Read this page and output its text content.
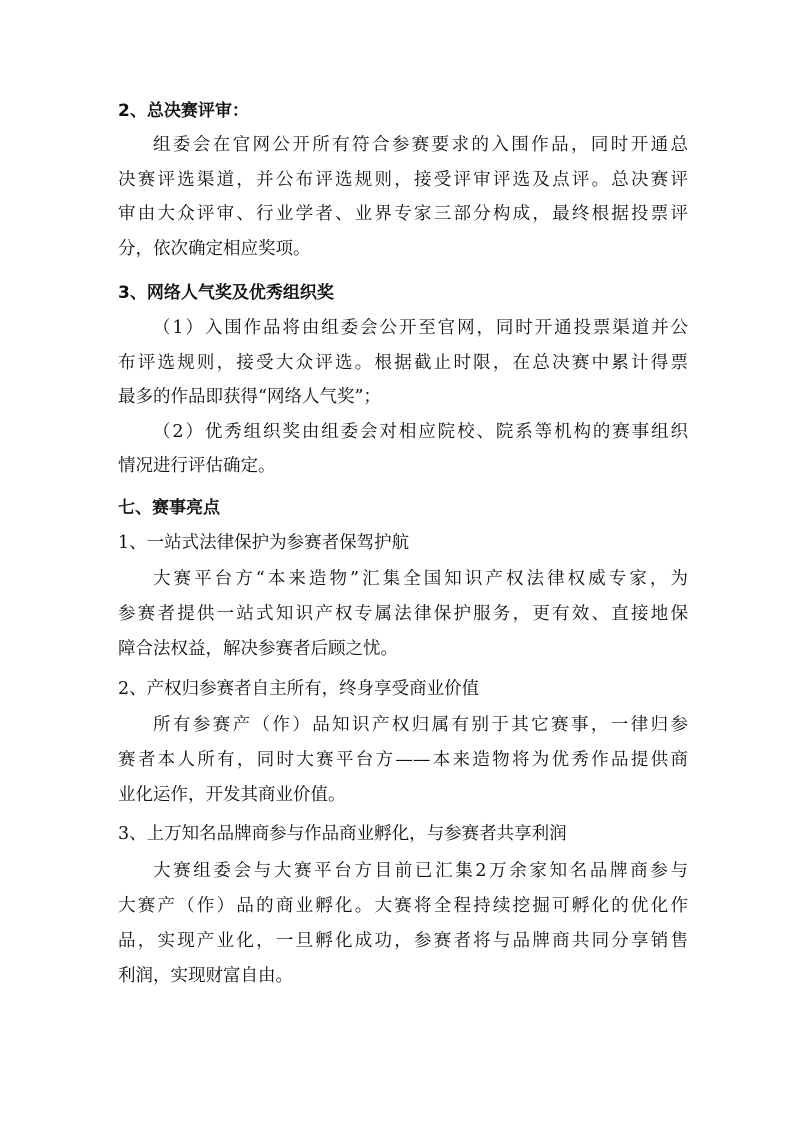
2、总决赛评审：
组委会在官网公开所有符合参赛要求的入围作品，同时开通总
决赛评选渠道，并公布评选规则，接受评审评选及点评。总决赛评
审由大众评审、行业学者、业界专家三部分构成，最终根据投票评
分，依次确定相应奖项。
3、网络人气奖及优秀组织奖
（1）入围作品将由组委会公开至官网，同时开通投票渠道并公
布评选规则，接受大众评选。根据截止时限，在总决赛中累计得票
最多的作品即获得“网络人气奖”；
（2）优秀组织奖由组委会对相应院校、院系等机构的赛事组织
情况进行评估确定。
七、赛事亮点
1、一站式法律保护为参赛者保驾护航
大赛平台方“本来造物”汇集全国知识产权法律权威专家，为
参赛者提供一站式知识产权专属法律保护服务，更有效、直接地保
障合法权益，解决参赛者后顾之忧。
2、产权归参赛者自主所有，终身享受商业价值
所有参赛产（作）品知识产权归属有别于其它赛事，一律归参
赛者本人所有，同时大赛平台方——本来造物将为优秀作品提供商
业化运作，开发其商业价值。
3、上万知名品牌商参与作品商业孵化，与参赛者共享利润
大赛组委会与大赛平台方目前已汇集2万余家知名品牌商参与
大赛产（作）品的商业孵化。大赛将全程持续挖掘可孵化的优化作
品，实现产业化，一旦孵化成功，参赛者将与品牌商共同分享销售
利润，实现财富自由。
